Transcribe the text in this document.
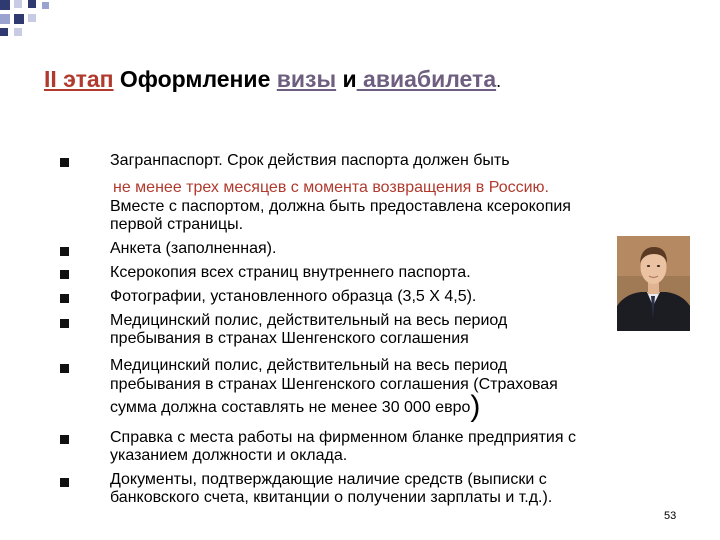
II этап Оформление визы и авиабилета.
Загранпаспорт. Срок действия паспорта должен быть
не менее трех месяцев с момента возвращения в Россию.
Вместе с паспортом, должна быть предоставлена ксерокопия
первой страницы.
Анкета (заполненная).
Ксерокопия всех страниц внутреннего паспорта.
Фотографии, установленного образца (3,5 Х 4,5).
Медицинский полис, действительный на весь период
пребывания в странах Шенгенского соглашения
Медицинский полис, действительный на весь период
пребывания в странах Шенгенского соглашения (Страховая
сумма должна составлять не менее 30 000 евро)
Справка с места работы на фирменном бланке предприятия с
указанием должности и оклада.
Документы, подтверждающие наличие средств (выписки с
банковского счета, квитанции о получении зарплаты и т.д.).
53
